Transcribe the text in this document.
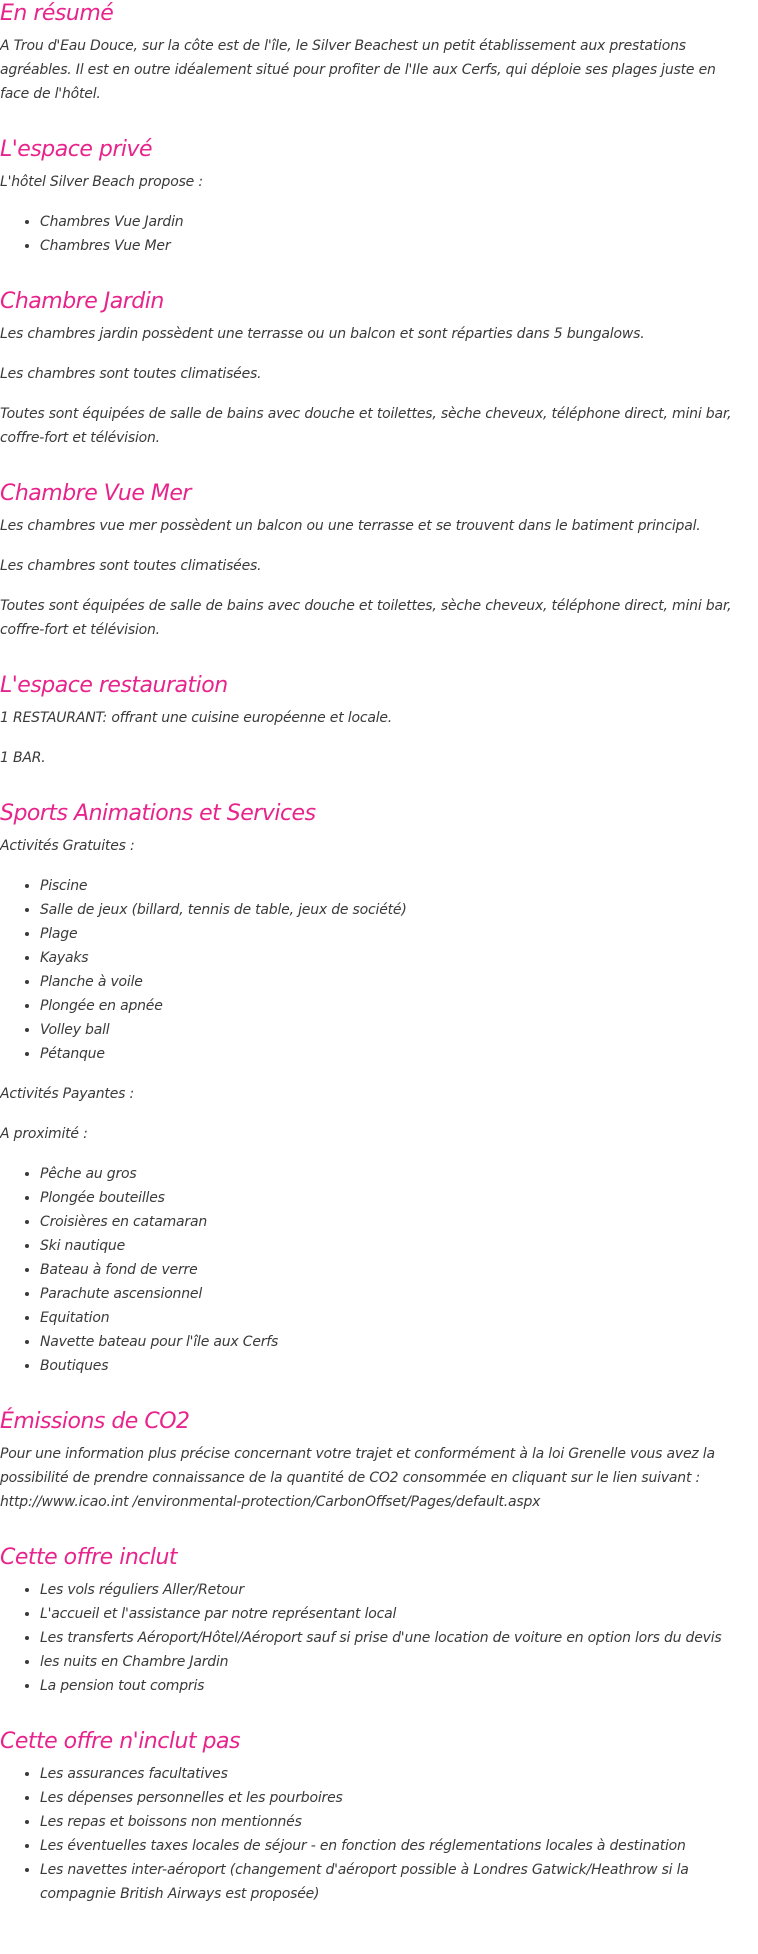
En résumé

A Trou d'Eau Douce, sur la côte est de l'île, le Silver Beachest un petit établissement aux prestations agréables. Il est en outre idéalement situé pour profiter de l'Ile aux Cerfs, qui déploie ses plages juste en face de l'hôtel.

L'espace privé

L'hôtel Silver Beach propose :

• Chambres Vue Jardin
• Chambres Vue Mer
Chambre Jardin

Les chambres jardin possèdent une terrasse ou un balcon et sont réparties dans 5 bungalows.

Les chambres sont toutes climatisées.

Toutes sont équipées de salle de bains avec douche et toilettes, sèche cheveux, téléphone direct, mini bar, coffre-fort et télévision.

Chambre Vue Mer

Les chambres vue mer possèdent un balcon ou une terrasse et se trouvent dans le batiment principal.

Les chambres sont toutes climatisées.

Toutes sont équipées de salle de bains avec douche et toilettes, sèche cheveux, téléphone direct, mini bar, coffre-fort et télévision.

L'espace restauration

1 RESTAURANT: offrant une cuisine européenne et locale.

1 BAR.

Sports Animations et Services

Activités Gratuites :

• Piscine
• Salle de jeux (billard, tennis de table, jeux de société)
• Plage
• Kayaks
• Planche à voile
• Plongée en apnée
• Volley ball
• Pétanque

Activités Payantes :

A proximité :

• Pêche au gros
• Plongée bouteilles
• Croisières en catamaran
• Ski nautique
• Bateau à fond de verre
• Parachute ascensionnel
• Equitation
• Navette bateau pour l'île aux Cerfs
• Boutiques
Émissions de CO2

Pour une information plus précise concernant votre trajet et conformément à la loi Grenelle vous avez la possibilité de prendre connaissance de la quantité de CO2 consommée en cliquant sur le lien suivant : http://www.icao.int /environmental-protection/CarbonOffset/Pages/default.aspx

Cette offre inclut
• Les vols réguliers Aller/Retour
• L'accueil et l'assistance par notre représentant local
• Les transferts Aéroport/Hôtel/Aéroport sauf si prise d'une location de voiture en option lors du devis
• les nuits en Chambre Jardin
• La pension tout compris
Cette offre n'inclut pas
• Les assurances facultatives
• Les dépenses personnelles et les pourboires
• Les repas et boissons non mentionnés
• Les éventuelles taxes locales de séjour - en fonction des réglementations locales à destination
• Les navettes inter-aéroport (changement d'aéroport possible à Londres Gatwick/Heathrow si la compagnie British Airways est proposée)
